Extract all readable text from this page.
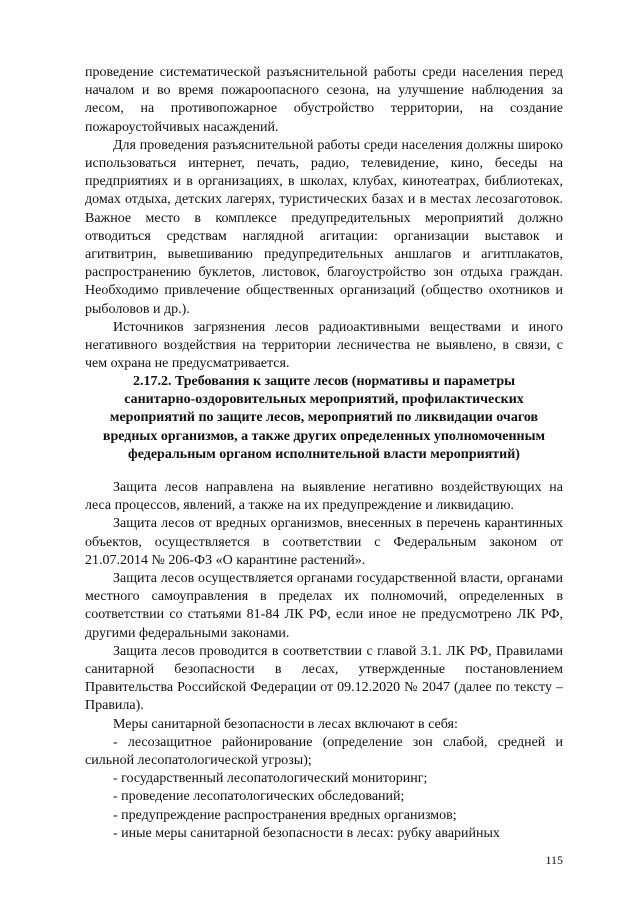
проведение систематической разъяснительной работы среди населения перед началом и во время пожароопасного сезона, на улучшение наблюдения за лесом, на противопожарное обустройство территории, на создание пожароустойчивых насаждений.

Для проведения разъяснительной работы среди населения должны широко использоваться интернет, печать, радио, телевидение, кино, беседы на предприятиях и в организациях, в школах, клубах, кинотеатрах, библиотеках, домах отдыха, детских лагерях, туристических базах и в местах лесозаготовок. Важное место в комплексе предупредительных мероприятий должно отводиться средствам наглядной агитации: организации выставок и агитвитрин, вывешиванию предупредительных аншлагов и агитплакатов, распространению буклетов, листовок, благоустройство зон отдыха граждан. Необходимо привлечение общественных организаций (общество охотников и рыболовов и др.).

Источников загрязнения лесов радиоактивными веществами и иного негативного воздействия на территории лесничества не выявлено, в связи, с чем охрана не предусматривается.

2.17.2. Требования к защите лесов (нормативы и параметры
санитарно-оздоровительных мероприятий, профилактических
мероприятий по защите лесов, мероприятий по ликвидации очагов
вредных организмов, а также других определенных уполномоченным
федеральным органом исполнительной власти мероприятий)

Защита лесов направлена на выявление негативно воздействующих на леса процессов, явлений, а также на их предупреждение и ликвидацию.

Защита лесов от вредных организмов, внесенных в перечень карантинных объектов, осуществляется в соответствии с Федеральным законом от 21.07.2014 № 206-ФЗ «О карантине растений».

Защита лесов осуществляется органами государственной власти, органами местного самоуправления в пределах их полномочий, определенных в соответствии со статьями 81-84 ЛК РФ, если иное не предусмотрено ЛК РФ, другими федеральными законами.

Защита лесов проводится в соответствии с главой 3.1. ЛК РФ, Правилами санитарной безопасности в лесах, утвержденные постановлением Правительства Российской Федерации от 09.12.2020 № 2047 (далее по тексту – Правила).

Меры санитарной безопасности в лесах включают в себя:

- лесозащитное районирование (определение зон слабой, средней и сильной лесопатологической угрозы);

- государственный лесопатологический мониторинг;

- проведение лесопатологических обследований;

- предупреждение распространения вредных организмов;

- иные меры санитарной безопасности в лесах: рубку аварийных

115
